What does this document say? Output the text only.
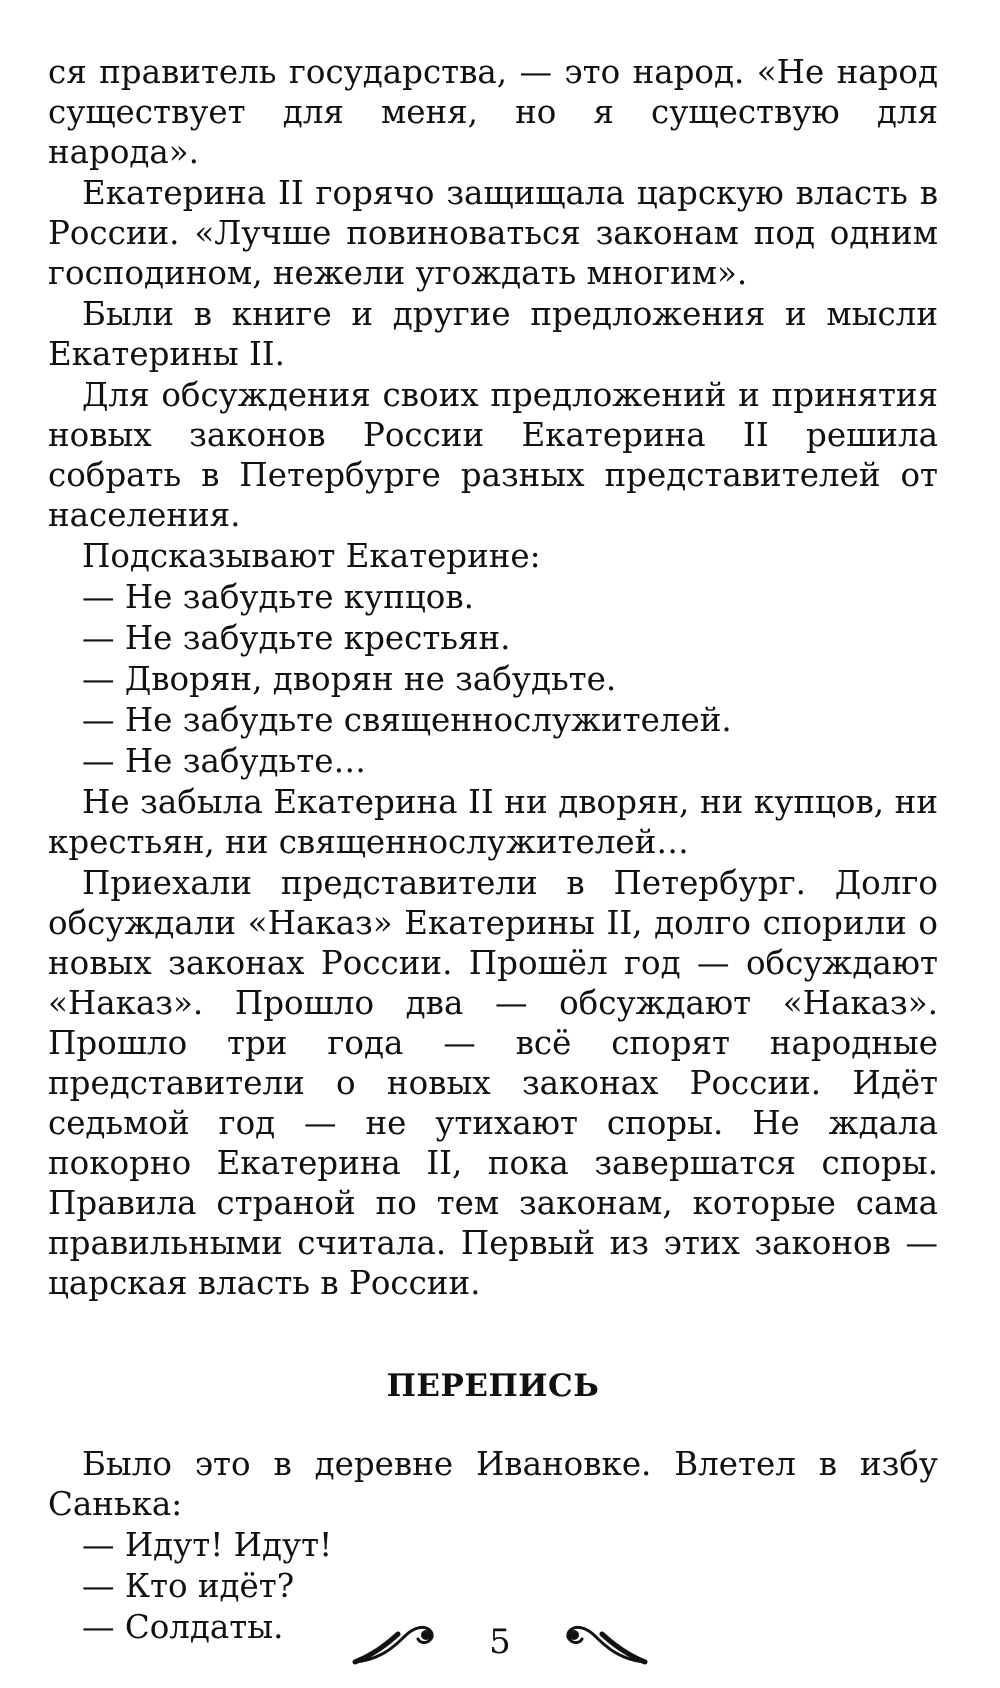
ся правитель государства, — это народ. «Не народ существует для меня, но я существую для народа».

Екатерина II горячо защищала царскую власть в России. «Лучше повиноваться законам под одним господином, нежели угождать многим».

Были в книге и другие предложения и мысли Екатерины II.

Для обсуждения своих предложений и принятия новых законов России Екатерина II решила собрать в Петербурге разных представителей от населения.

Подсказывают Екатерине:

— Не забудьте купцов.

— Не забудьте крестьян.

— Дворян, дворян не забудьте.

— Не забудьте священнослужителей.

— Не забудьте…

Не забыла Екатерина II ни дворян, ни купцов, ни крестьян, ни священнослужителей…

Приехали представители в Петербург. Долго обсуждали «Наказ» Екатерины II, долго спорили о новых законах России. Прошёл год — обсуждают «Наказ». Прошло два — обсуждают «Наказ». Прошло три года — всё спорят народные представители о новых законах России. Идёт седьмой год — не утихают споры. Не ждала покорно Екатерина II, пока завершатся споры. Правила страной по тем законам, которые сама правильными считала. Первый из этих законов — царская власть в России.

ПЕРЕПИСЬ

Было это в деревне Ивановке. Влетел в избу Санька:

— Идут! Идут!

— Кто идёт?

— Солдаты.	5
